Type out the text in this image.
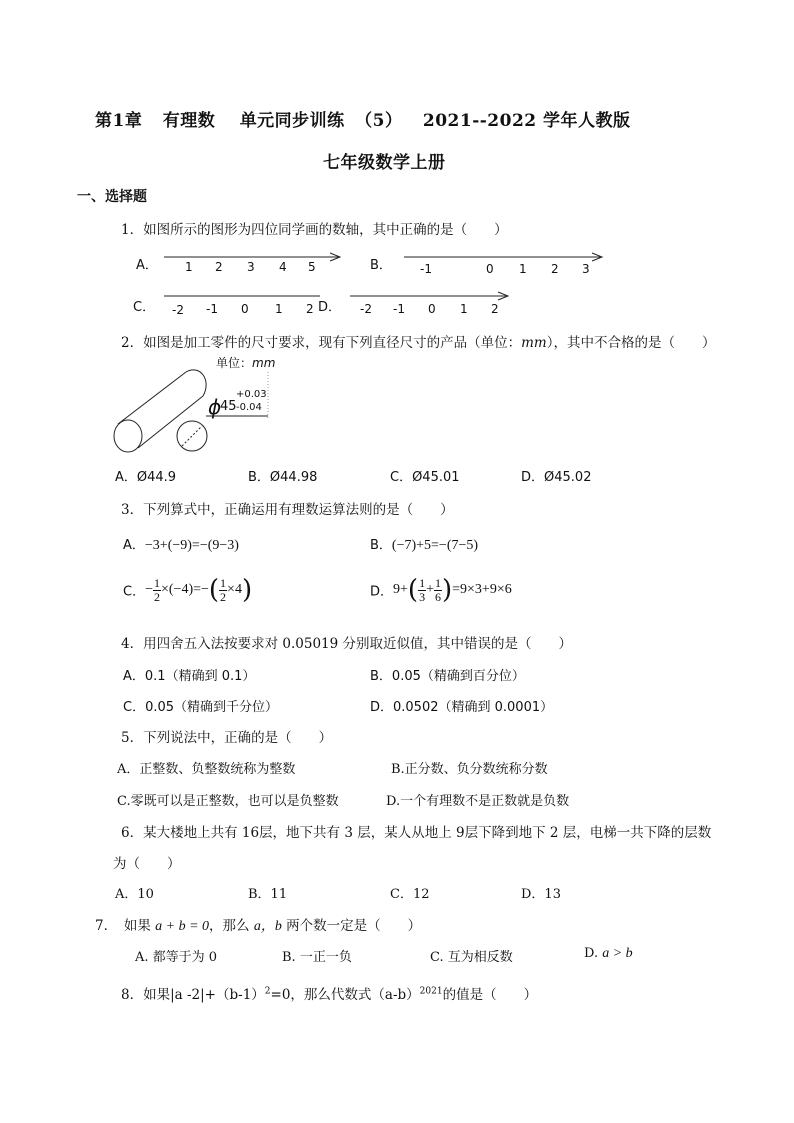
第1章 有理数 单元同步训练 （5） 2021--2022 学年人教版
七年级数学上册
一、选择题
1．如图所示的图形为四位同学画的数轴，其中正确的是（　　）
A． 1 2 3 4 5	B． -1	0 1 2 3
C． -2 -1 0 1 2 D． -2 -1 0 1 2
2．如图是加工零件的尺寸要求，现有下列直径尺寸的产品（单位：mm），其中不合格的是（　　）
单位： mm
ϕ
45
+0.03
-0.04
A．Ø44.9	B．Ø44.98	C．Ø45.01	D．Ø45.02
3．下列算式中，正确运用有理数运算法则的是（　　）
A．−3+(−9)=−(9−3)	B．(−7)+5=−(7−5)
C．− $\frac{1}{2} \times(-4)=-( \frac{1}{2} \times 4)$	D．$9+( \frac{1}{3} + \frac{1}{6} )=9\times 3+9\times 6$
4．用四舍五入法按要求对 0.05019 分别取近似值，其中错误的是（　　）
A．0.1（精确到 0.1）	B．0.05（精确到百分位）
C．0.05（精确到千分位）	D．0.0502（精确到 0.0001）
5．下列说法中，正确的是（　　）
A．正整数、负整数统称为整数	B.正分数、负分数统称分数
C.零既可以是正整数，也可以是负整数	D.一个有理数不是正数就是负数
6．某大楼地上共有 16层，地下共有 3 层，某人从地上 9层下降到地下 2 层，电梯一共下降的层数
为（　　）
A．10	B．11	C．12	D．13
7．　如果 a + b = 0，那么 a，b 两个数一定是（　　）
A. 都等于为 0	B. 一正一负	C. 互为相反数	D. a > b
8．如果|a $-2|+(b-1)^2=0$，那么代数式$(a-b)^{2021}$的值是（　　）
